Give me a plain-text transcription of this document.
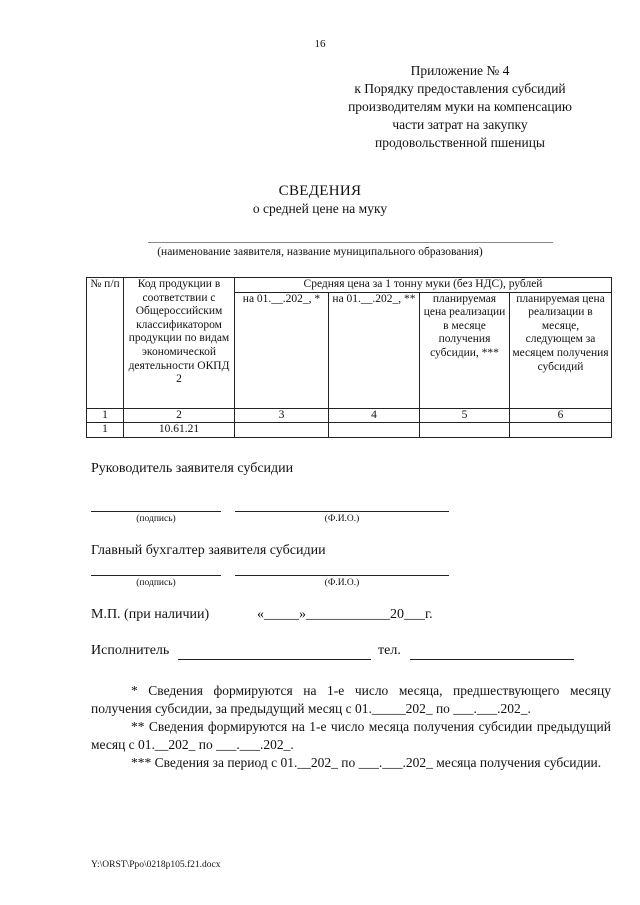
16
Приложение № 4
к Порядку предоставления субсидий
производителям муки на компенсацию
части затрат на закупку
продовольственной пшеницы
СВЕДЕНИЯ
о средней цене на муку
(наименование заявителя, название муниципального образования)
№ п/п	Код продукции в соответствии с Общероссийским классификатором продукции по видам экономической деятельности ОКПД 2	Средняя цена за 1 тонну муки (без НДС), рублей			
		на 01.__.202_, *	на 01.__.202_, **	планируемая цена реализации в месяце получения субсидии, ***	планируемая цена реализации в месяце, следующем за месяцем получения субсидий
1	2	3	4	5	6
1	10.61.21				
Руководитель заявителя субсидии
(подпись)	(Ф.И.О.)
Главный бухгалтер заявителя субсидии
(подпись)	(Ф.И.О.)
М.П. (при наличии)	«_____»____________20___г.
Исполнитель	тел.
* Сведения формируются на 1-е число месяца, предшествующего месяцу получения субсидии, за предыдущий месяц с 01._____202_ по ___.___.202_.
** Сведения формируются на 1-е число месяца получения субсидии предыдущий месяц с 01.__202_ по ___.___.202_.
*** Сведения за период с 01.__202_ по ___.___.202_ месяца получения субсидии.
Y:\ORST\Ppo\0218p105.f21.docx
